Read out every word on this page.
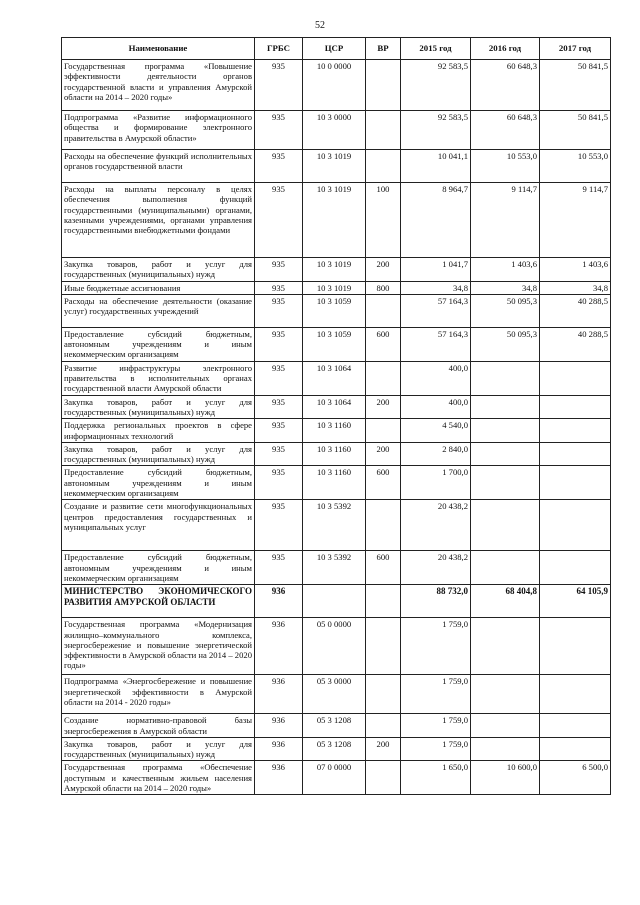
52
Наименование	ГРБС	ЦСР	ВР	2015 год	2016 год	2017 год
Государственная программа «Повышение эффективности деятельности органов государственной власти и управления Амурской области на 2014 – 2020 годы»	935	10 0 0000		92 583,5	60 648,3	50 841,5
Подпрограмма «Развитие информационного общества и формирование электронного правительства в Амурской области»	935	10 3 0000		92 583,5	60 648,3	50 841,5
Расходы на обеспечение функций исполнительных органов государственной власти	935	10 3 1019		10 041,1	10 553,0	10 553,0
Расходы на выплаты персоналу в целях обеспечения выполнения функций государственными (муниципальными) органами, казенными учреждениями, органами управления государственными внебюджетными фондами	935	10 3 1019	100	8 964,7	9 114,7	9 114,7
Закупка товаров, работ и услуг для государственных (муниципальных) нужд	935	10 3 1019	200	1 041,7	1 403,6	1 403,6
Иные бюджетные ассигнования	935	10 3 1019	800	34,8	34,8	34,8
Расходы на обеспечение деятельности (оказание услуг) государственных учреждений	935	10 3 1059		57 164,3	50 095,3	40 288,5
Предоставление субсидий бюджетным, автономным учреждениям и иным некоммерческим организациям	935	10 3 1059	600	57 164,3	50 095,3	40 288,5
Развитие инфраструктуры электронного правительства в исполнительных органах государственной власти Амурской области	935	10 3 1064		400,0		
Закупка товаров, работ и услуг для государственных (муниципальных) нужд	935	10 3 1064	200	400,0		
Поддержка региональных проектов в сфере информационных технологий	935	10 3 1160		4 540,0		
Закупка товаров, работ и услуг для государственных (муниципальных) нужд	935	10 3 1160	200	2 840,0		
Предоставление субсидий бюджетным, автономным учреждениям и иным некоммерческим организациям	935	10 3 1160	600	1 700,0		
Создание и развитие сети многофункциональных центров предоставления государственных и муниципальных услуг	935	10 3 5392		20 438,2		
Предоставление субсидий бюджетным, автономным учреждениям и иным некоммерческим организациям	935	10 3 5392	600	20 438,2		
МИНИСТЕРСТВО ЭКОНОМИЧЕСКОГО РАЗВИТИЯ АМУРСКОЙ ОБЛАСТИ	936			88 732,0	68 404,8	64 105,9
Государственная программа «Модернизация жилищно–коммунального комплекса, энергосбережение и повышение энергетической эффективности в Амурской области на 2014 – 2020 годы»	936	05 0 0000		1 759,0		
Подпрограмма «Энергосбережение и повышение энергетической эффективности в Амурской области на 2014 - 2020 годы»	936	05 3 0000		1 759,0		
Создание нормативно-правовой базы энергосбережения в Амурской области	936	05 3 1208		1 759,0		
Закупка товаров, работ и услуг для государственных (муниципальных) нужд	936	05 3 1208	200	1 759,0		
Государственная программа «Обеспечение доступным и качественным жильем населения Амурской области на 2014 – 2020 годы»	936	07 0 0000		1 650,0	10 600,0	6 500,0
